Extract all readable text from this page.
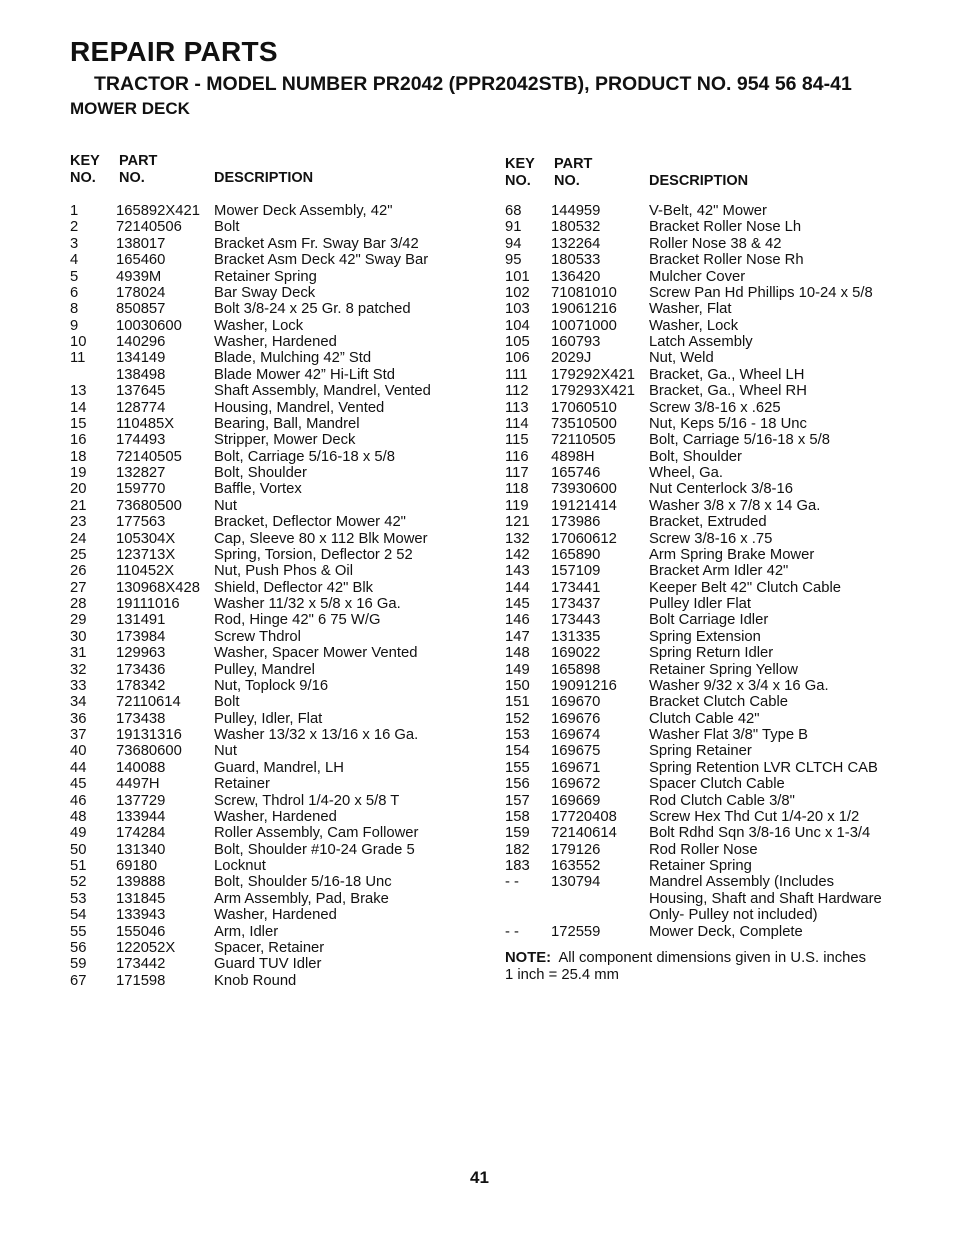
REPAIR PARTS
TRACTOR - MODEL NUMBER PR2042 (PPR2042STB), PRODUCT NO. 954 56 84-41
MOWER DECK
KEY
NO.
PART
NO.	DESCRIPTION
1	165892X421 Mower Deck Assembly, 42"
2	72140506 Bolt
3	138017	Bracket Asm Fr. Sway Bar 3/42
4	165460	Bracket Asm Deck 42" Sway Bar
5	4939M	Retainer Spring
6	178024	Bar Sway Deck
8	850857	Bolt 3/8-24 x 25 Gr. 8 patched
9	10030600 Washer, Lock
10 140296	Washer, Hardened
11 134149	Blade, Mulching 42” Std
138498	Blade Mower 42” Hi-Lift Std
13 137645	Shaft Assembly, Mandrel, Vented
14 128774	Housing, Mandrel, Vented
15 110485X	Bearing, Ball, Mandrel
16 174493	Stripper, Mower Deck
18 72140505 Bolt, Carriage 5/16-18 x 5/8
19 132827	Bolt, Shoulder
20 159770	Baffle, Vortex
21 73680500 Nut
23 177563	Bracket, Deflector Mower 42"
24 105304X	Cap, Sleeve 80 x 112 Blk Mower
25 123713X	Spring, Torsion, Deflector 2 52
26 110452X	Nut, Push Phos & Oil
27 130968X428 Shield, Deflector 42" Blk
28 19111016 Washer 11/32 x 5/8 x 16 Ga.
29 131491	Rod, Hinge 42" 6 75 W/G
30 173984	Screw Thdrol
31 129963	Washer, Spacer Mower Vented
32 173436	Pulley, Mandrel
33 178342	Nut, Toplock 9/16
34 72110614 Bolt
36 173438	Pulley, Idler, Flat
37 19131316 Washer 13/32 x 13/16 x 16 Ga.
40 73680600 Nut
44 140088	Guard, Mandrel, LH
45 4497H	Retainer
46 137729	Screw, Thdrol 1/4-20 x 5/8 T
48 133944	Washer, Hardened
49 174284	Roller Assembly, Cam Follower
50 131340	Bolt, Shoulder #10-24 Grade 5
51 69180	Locknut
52 139888	Bolt, Shoulder 5/16-18 Unc
53 131845	Arm Assembly, Pad, Brake
54 133943	Washer, Hardened
55 155046	Arm, Idler
56 122052X	Spacer, Retainer
59 173442	Guard TUV Idler
67 171598	Knob Round
KEY
NO.
PART
NO.	DESCRIPTION
68 144959	V-Belt, 42" Mower
91 180532	Bracket Roller Nose Lh
94 132264	Roller Nose 38 & 42
95 180533	Bracket Roller Nose Rh
101 136420	Mulcher Cover
102 71081010 Screw Pan Hd Phillips 10-24 x 5/8
103 19061216 Washer, Flat
104 10071000 Washer, Lock
105 160793	Latch Assembly
106 2029J	Nut, Weld
111 179292X421 Bracket, Ga., Wheel LH
112 179293X421 Bracket, Ga., Wheel RH
113 17060510 Screw 3/8-16 x .625
114 73510500 Nut, Keps 5/16 - 18 Unc
115 72110505 Bolt, Carriage 5/16-18 x 5/8
116 4898H	Bolt, Shoulder
117 165746	Wheel, Ga.
118 73930600 Nut Centerlock 3/8-16
119 19121414 Washer 3/8 x 7/8 x 14 Ga.
121 173986	Bracket, Extruded
132 17060612 Screw 3/8-16 x .75
142 165890	Arm Spring Brake Mower
143 157109	Bracket Arm Idler 42"
144 173441	Keeper Belt 42" Clutch Cable
145 173437	Pulley Idler Flat
146 173443	Bolt Carriage Idler
147 131335	Spring Extension
148 169022	Spring Return Idler
149 165898	Retainer Spring Yellow
150 19091216 Washer 9/32 x 3/4 x 16 Ga.
151 169670	Bracket Clutch Cable
152 169676	Clutch Cable 42"
153 169674	Washer Flat 3/8" Type B
154 169675	Spring Retainer
155 169671	Spring Retention LVR CLTCH CAB
156 169672	Spacer Clutch Cable
157 169669	Rod Clutch Cable 3/8"
158 17720408 Screw Hex Thd Cut 1/4-20 x 1/2
159 72140614 Bolt Rdhd Sqn 3/8-16 Unc x 1-3/4
182 179126	Rod Roller Nose
183 163552	Retainer Spring
- - 130794	Mandrel Assembly (Includes
Housing, Shaft and Shaft Hardware
Only- Pulley not included)
- - 172559	Mower Deck, Complete
NOTE: All component dimensions given in U.S. inches
1 inch = 25.4 mm
41
